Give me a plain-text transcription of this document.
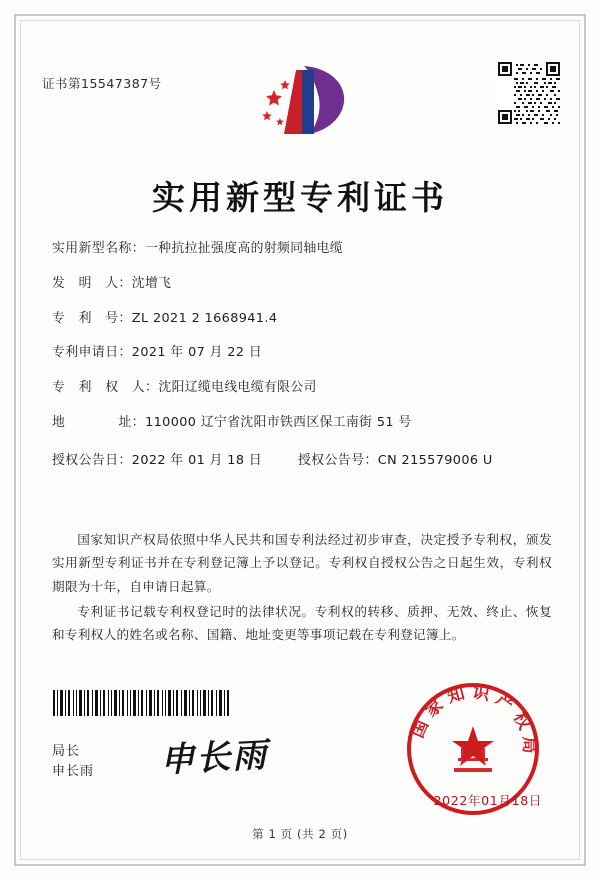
证书第15547387号
实用新型专利证书
实用新型名称： 一种抗拉扯强度高的射频同轴电缆
发　明　人： 沈增飞
专　利　号： ZL 2021 2 1668941.4
专利申请日： 2021 年 07 月 22 日
专　利　权　人： 沈阳辽缆电线电缆有限公司
地　　　　址： 110000 辽宁省沈阳市铁西区保工南街 51 号
授权公告日：2022 年 01 月 18 日	授权公告号：CN 215579006 U

国家知识产权局依照中华人民共和国专利法经过初步审查，决定授予专利权，颁发实用新型专利证书并在专利登记簿上予以登记。专利权自授权公告之日起生效，专利权期限为十年，自申请日起算。

专利证书记载专利权登记时的法律状况。专利权的转移、质押、无效、终止、恢复和专利权人的姓名或名称、国籍、地址变更等事项记载在专利登记簿上。

局长
申长雨 申长雨
国家知识产权局
2022年01月18日
第 1 页 (共 2 页)
